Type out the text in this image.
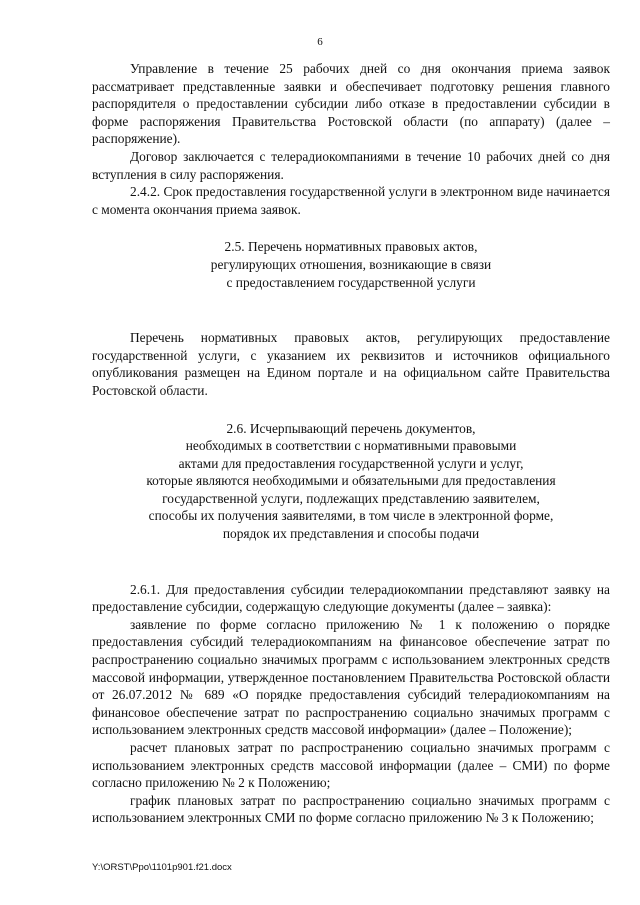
6

Управление в течение 25 рабочих дней со дня окончания приема заявок рассматривает представленные заявки и обеспечивает подготовку решения главного распорядителя о предоставлении субсидии либо отказе в предоставлении субсидии в форме распоряжения Правительства Ростовской области (по аппарату) (далее – распоряжение).

Договор заключается с телерадиокомпаниями в течение 10 рабочих дней со дня вступления в силу распоряжения.

2.4.2. Срок предоставления государственной услуги в электронном виде начинается с момента окончания приема заявок.

2.5. Перечень нормативных правовых актов,
регулирующих отношения, возникающие в связи
с предоставлением государственной услуги

Перечень нормативных правовых актов, регулирующих предоставление государственной услуги, с указанием их реквизитов и источников официального опубликования размещен на Едином портале и на официальном сайте Правительства Ростовской области.

2.6. Исчерпывающий перечень документов,
необходимых в соответствии с нормативными правовыми
актами для предоставления государственной услуги и услуг,
которые являются необходимыми и обязательными для предоставления
государственной услуги, подлежащих представлению заявителем,
способы их получения заявителями, в том числе в электронной форме,
порядок их представления и способы подачи

2.6.1. Для предоставления субсидии телерадиокомпании представляют заявку на предоставление субсидии, содержащую следующие документы (далее – заявка):

заявление по форме согласно приложению № 1 к положению о порядке предоставления субсидий телерадиокомпаниям на финансовое обеспечение затрат по распространению социально значимых программ с использованием электронных средств массовой информации, утвержденное постановлением Правительства Ростовской области от 26.07.2012 № 689 «О порядке предоставления субсидий телерадиокомпаниям на финансовое обеспечение затрат по распространению социально значимых программ с использованием электронных средств массовой информации» (далее – Положение);

расчет плановых затрат по распространению социально значимых программ с использованием электронных средств массовой информации (далее – СМИ) по форме согласно приложению № 2 к Положению;

график плановых затрат по распространению социально значимых программ с использованием электронных СМИ по форме согласно приложению № 3 к Положению;

Y:\ORST\Ppo\1101p901.f21.docx
